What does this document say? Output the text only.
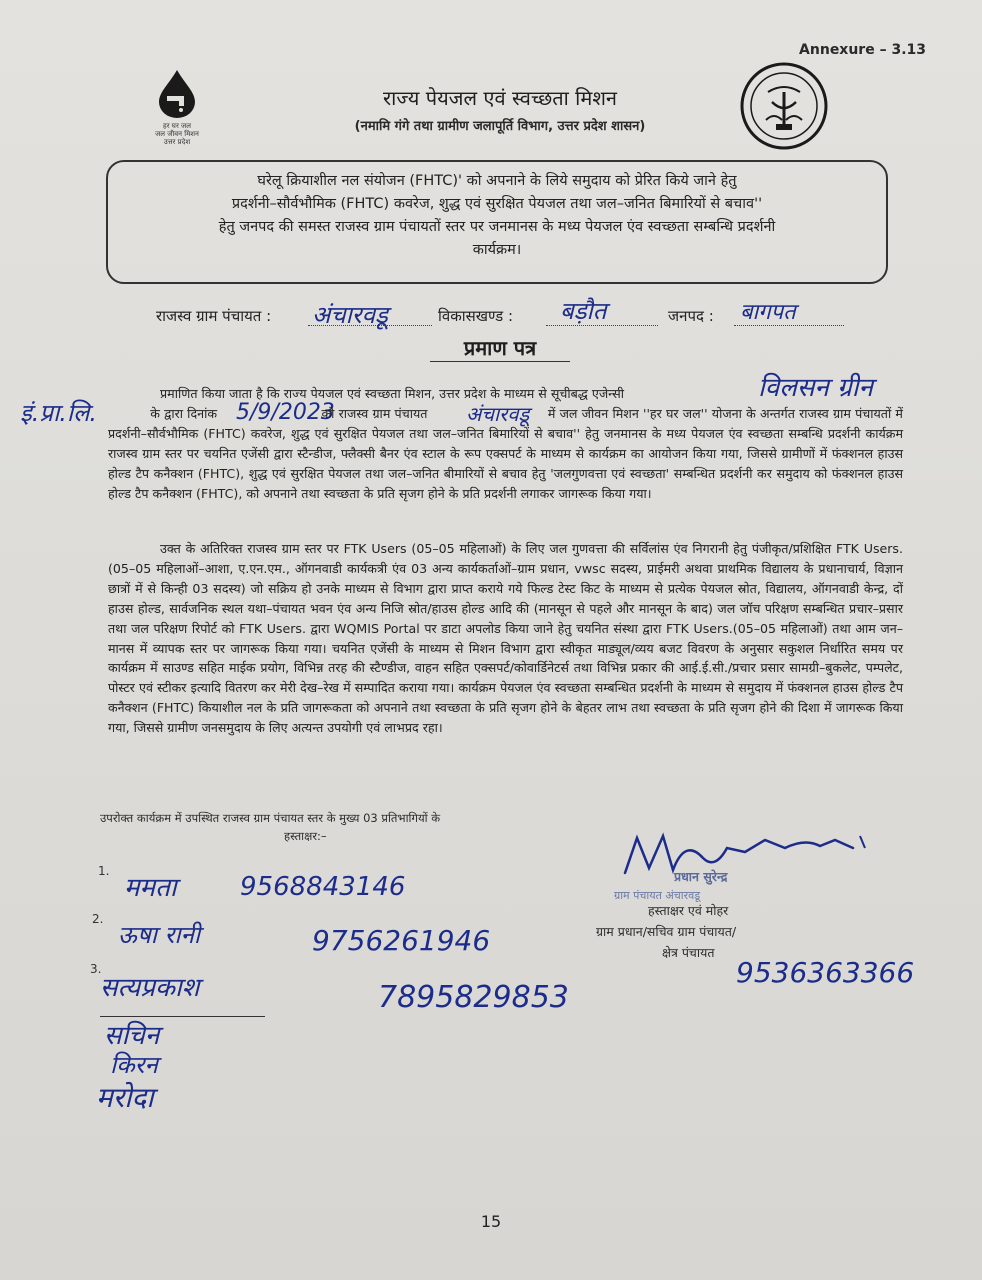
Annexure – 3.13
हर घर जल
जल जीवन मिशन
उत्तर प्रदेश
राज्य पेयजल एवं स्वच्छता मिशन
(नमामि गंगे तथा ग्रामीण जलापूर्ति विभाग, उत्तर प्रदेश शासन)
घरेलू क्रियाशील नल संयोजन (FHTC)' को अपनाने के लिये समुदाय को प्रेरित किये जाने हेतु
प्रदर्शनी–सौर्वभौमिक (FHTC) कवरेज, शुद्ध एवं सुरक्षित पेयजल तथा जल–जनित बिमारियों से बचाव''
हेतु जनपद की समस्त राजस्व ग्राम पंचायतों स्तर पर जनमानस के मध्य पेयजल एंव स्वच्छता सम्बन्धि प्रदर्शनी
कार्यक्रम।
राजस्व ग्राम पंचायत : अंचारवडू	विकासखण्ड : बड़ौत	जनपद : बागपत
प्रमाण पत्र
विलसन ग्रीन
इं.प्रा.लि.	5/9/2023	अंचारवडू
प्रमाणित किया जाता है कि राज्य पेयजल एवं स्वच्छता मिशन, उत्तर प्रदेश के माध्यम से सूचीबद्ध एजेन्सी
के द्वारा दिनांक	को राजस्व ग्राम पंचायत	में जल जीवन मिशन ''हर घर जल'' योजना के अन्तर्गत राजस्व ग्राम पंचायतों में प्रदर्शनी–सौर्वभौमिक (FHTC) कवरेज, शुद्ध एवं सुरक्षित पेयजल तथा जल–जनित बिमारियों से बचाव'' हेतु जनमानस के मध्य पेयजल एंव स्वच्छता सम्बन्धि प्रदर्शनी कार्यक्रम राजस्व ग्राम स्तर पर चयनित एजेंसी द्वारा स्टैन्डीज, फ्लैक्सी बैनर एंव स्टाल के रूप एक्सपर्ट के माध्यम से कार्यक्रम का आयोजन किया गया, जिससे ग्रामीणों में फंक्शनल हाउस होल्ड टैप कनैक्शन (FHTC), शुद्ध एवं सुरक्षित पेयजल तथा जल–जनित बीमारियों से बचाव हेतु 'जलगुणवत्ता एवं स्वच्छता' सम्बन्धित प्रदर्शनी कर समुदाय को फंक्शनल हाउस होल्ड टैप कनैक्शन (FHTC), को अपनाने तथा स्वच्छता के प्रति सृजग होने के प्रति प्रदर्शनी लगाकर जागरूक किया गया।
उक्त के अतिरिक्त राजस्व ग्राम स्तर पर FTK Users (05–05 महिलाओं) के लिए जल गुणवत्ता की सर्विलांस एंव निगरानी हेतु पंजीकृत/प्रशिक्षित FTK Users.(05–05 महिलाओं–आशा, ए.एन.एम., ऑगनवाडी कार्यकत्री एंव 03 अन्य कार्यकर्ताओं–ग्राम प्रधान, vwsc सदस्य, प्राईमरी अथवा प्राथमिक विद्यालय के प्रधानाचार्य, विज्ञान छात्रों में से किन्ही 03 सदस्य) जो सक्रिय हो उनके माध्यम से विभाग द्वारा प्राप्त कराये गये फिल्ड टेस्ट किट के माध्यम से प्रत्येक पेयजल स्रोत, विद्यालय, ऑगनवाडी केन्द्र, दों हाउस होल्ड, सार्वजनिक स्थल यथा–पंचायत भवन एंव अन्य निजि स्रोत/हाउस होल्ड आदि की (मानसून से पहले और मानसून के बाद) जल जॉच परिक्षण सम्बन्धित प्रचार–प्रसार तथा जल परिक्षण रिपोर्ट को FTK Users. द्वारा WQMIS Portal पर डाटा अपलोड किया जाने हेतु चयनित संस्था द्वारा FTK Users.(05–05 महिलाओं) तथा आम जन–मानस में व्यापक स्तर पर जागरूक किया गया। चयनित एजेंसी के माध्यम से मिशन विभाग द्वारा स्वीकृत माड्यूल/व्यय बजट विवरण के अनुसार सकुशल निर्धारित समय पर कार्यक्रम में साउण्ड सहित माईक प्रयोग, विभिन्न तरह की स्टैण्डीज, वाहन सहित एक्सपर्ट/कोवार्डिनेटर्स तथा विभिन्न प्रकार की आई.ई.सी./प्रचार प्रसार सामग्री–बुकलेट, पम्पलेट, पोस्टर एवं स्टीकर इत्यादि वितरण कर मेरी देख–रेख में सम्पादित कराया गया। कार्यक्रम पेयजल एंव स्वच्छता सम्बन्धित प्रदर्शनी के माध्यम से समुदाय में फंक्शनल हाउस होल्ड टैप कनैक्शन (FHTC) कियाशील नल के प्रति जागरूकता को अपनाने तथा स्वच्छता के प्रति सृजग होने के बेहतर लाभ तथा स्वच्छता के प्रति सृजग होने की दिशा में जागरूक किया गया, जिससे ग्रामीण जनसमुदाय के लिए अत्यन्त उपयोगी एवं लाभप्रद रहा।
उपरोक्त कार्यक्रम में उपस्थित राजस्व ग्राम पंचायत स्तर के मुख्य 03 प्रतिभागियों के
हस्ताक्षर:–
1.
ममता 9568843146
2.
ऊषा रानी	9756261946
3.
सत्यप्रकाश	7895829853
सचिन
किरन
मरोदा
प्रधान सुरेन्द्र
ग्राम पंचायत अंचारवडू
हस्ताक्षर एवं मोहर
ग्राम प्रधान/सचिव ग्राम पंचायत/
क्षेत्र पंचायत
9536363366
15
